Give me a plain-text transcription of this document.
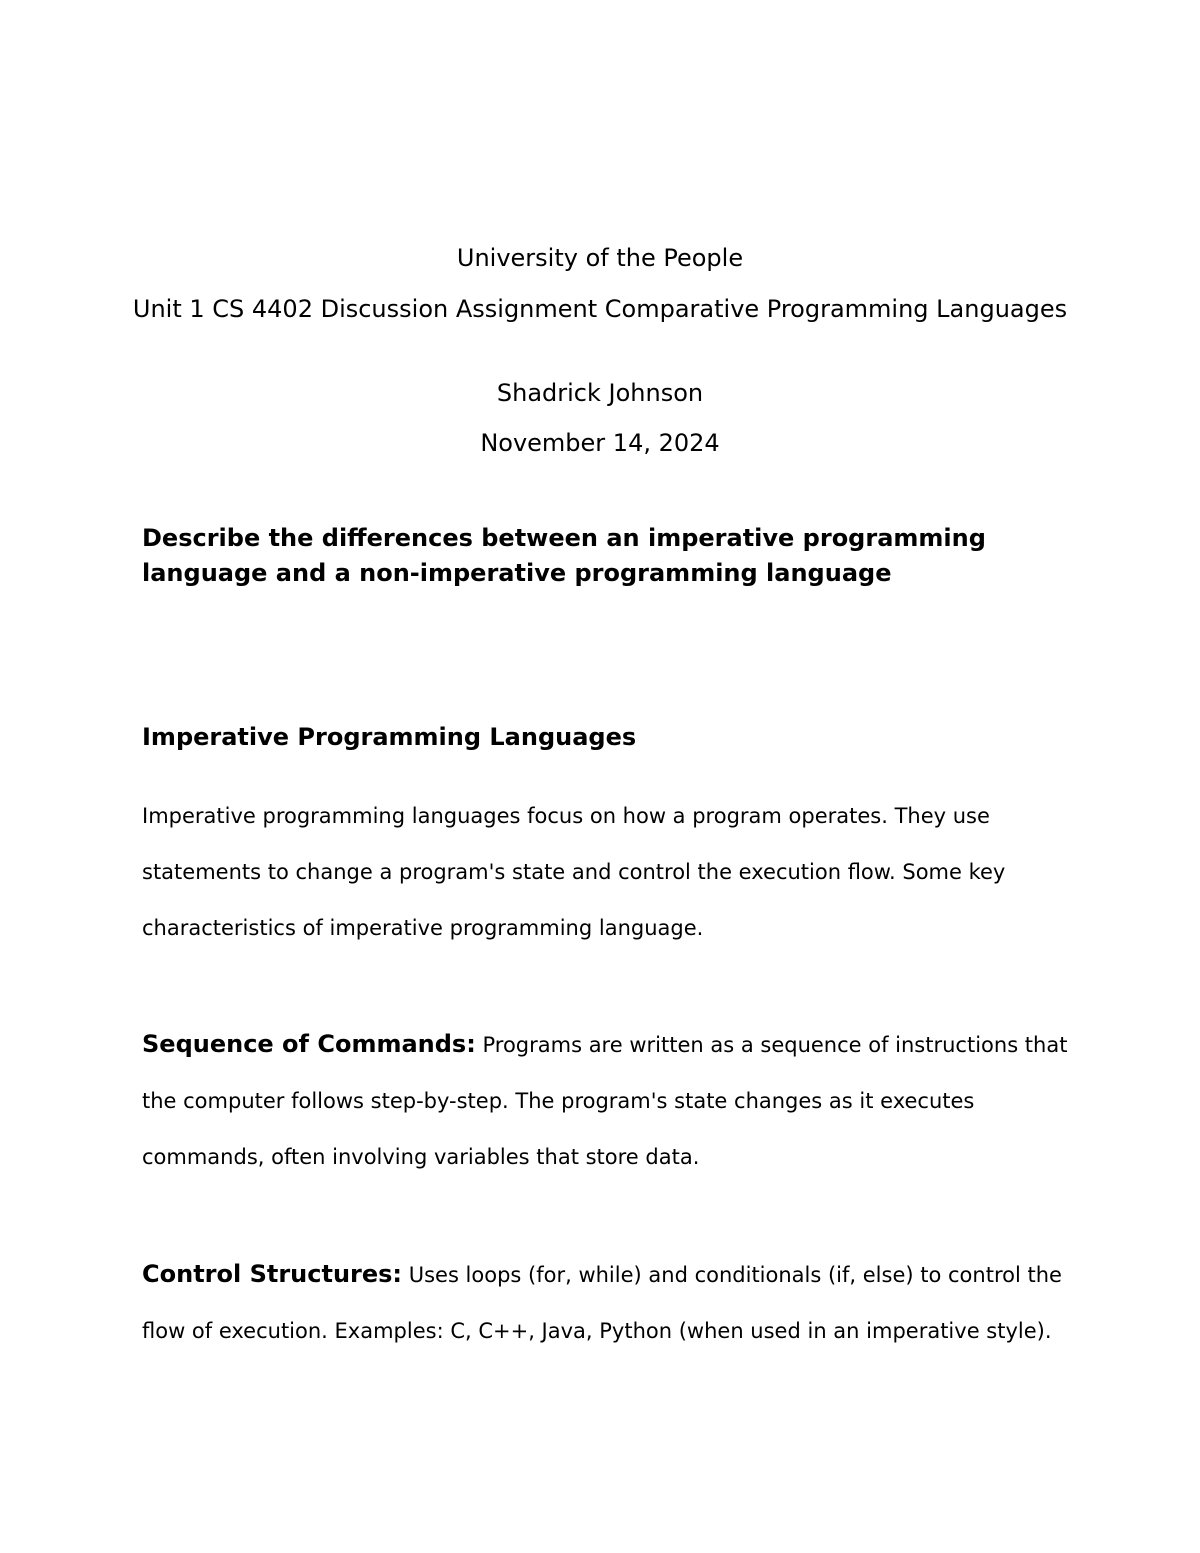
University of the People
Unit 1 CS 4402 Discussion Assignment Comparative Programming Languages
Shadrick Johnson
November 14, 2024
Describe the differences between an imperative programming language and a non-imperative programming language
Imperative Programming Languages
Imperative programming languages focus on how a program operates. They use statements to change a program's state and control the execution flow. Some key characteristics of imperative programming language.
Sequence of Commands: Programs are written as a sequence of instructions that the computer follows step-by-step. The program's state changes as it executes commands, often involving variables that store data.
Control Structures: Uses loops (for, while) and conditionals (if, else) to control the flow of execution. Examples: C, C++, Java, Python (when used in an imperative style).
